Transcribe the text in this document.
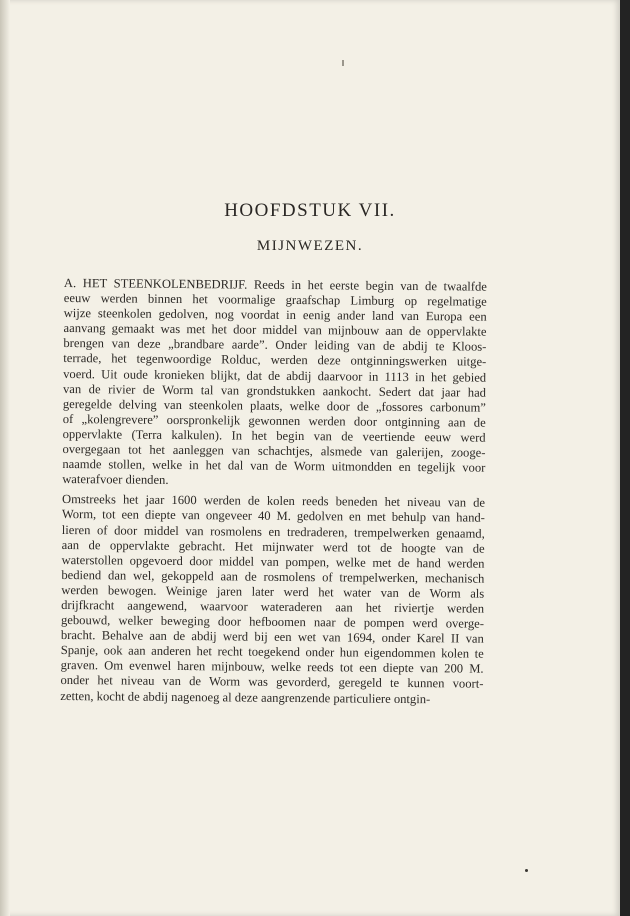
HOOFDSTUK VII.
MIJNWEZEN.
A. HET STEENKOLENBEDRIJF. Reeds in het eerste begin van de twaalfde
eeuw werden binnen het voormalige graafschap Limburg op regelmatige
wijze steenkolen gedolven, nog voordat in eenig ander land van Europa een
aanvang gemaakt was met het door middel van mijnbouw aan de oppervlakte
brengen van deze „brandbare aarde”. Onder leiding van de abdij te Kloos-
terrade, het tegenwoordige Rolduc, werden deze ontginningswerken uitge-
voerd. Uit oude kronieken blijkt, dat de abdij daarvoor in 1113 in het gebied
van de rivier de Worm tal van grondstukken aankocht. Sedert dat jaar had
geregelde delving van steenkolen plaats, welke door de „fossores carbonum”
of „kolengrevere” oorspronkelijk gewonnen werden door ontginning aan de
oppervlakte (Terra kalkulen). In het begin van de veertiende eeuw werd
overgegaan tot het aanleggen van schachtjes, alsmede van galerijen, zooge-
naamde stollen, welke in het dal van de Worm uitmondden en tegelijk voor
waterafvoer dienden.
Omstreeks het jaar 1600 werden de kolen reeds beneden het niveau van de
Worm, tot een diepte van ongeveer 40 M. gedolven en met behulp van hand-
lieren of door middel van rosmolens en tredraderen, trempelwerken genaamd,
aan de oppervlakte gebracht. Het mijnwater werd tot de hoogte van de
waterstollen opgevoerd door middel van pompen, welke met de hand werden
bediend dan wel, gekoppeld aan de rosmolens of trempelwerken, mechanisch
werden bewogen. Weinige jaren later werd het water van de Worm als
drijfkracht aangewend, waarvoor wateraderen aan het riviertje werden
gebouwd, welker beweging door hefboomen naar de pompen werd overge-
bracht. Behalve aan de abdij werd bij een wet van 1694, onder Karel II van
Spanje, ook aan anderen het recht toegekend onder hun eigendommen kolen te
graven. Om evenwel haren mijnbouw, welke reeds tot een diepte van 200 M.
onder het niveau van de Worm was gevorderd, geregeld te kunnen voort-
zetten, kocht de abdij nagenoeg al deze aangrenzende particuliere ontgin-
